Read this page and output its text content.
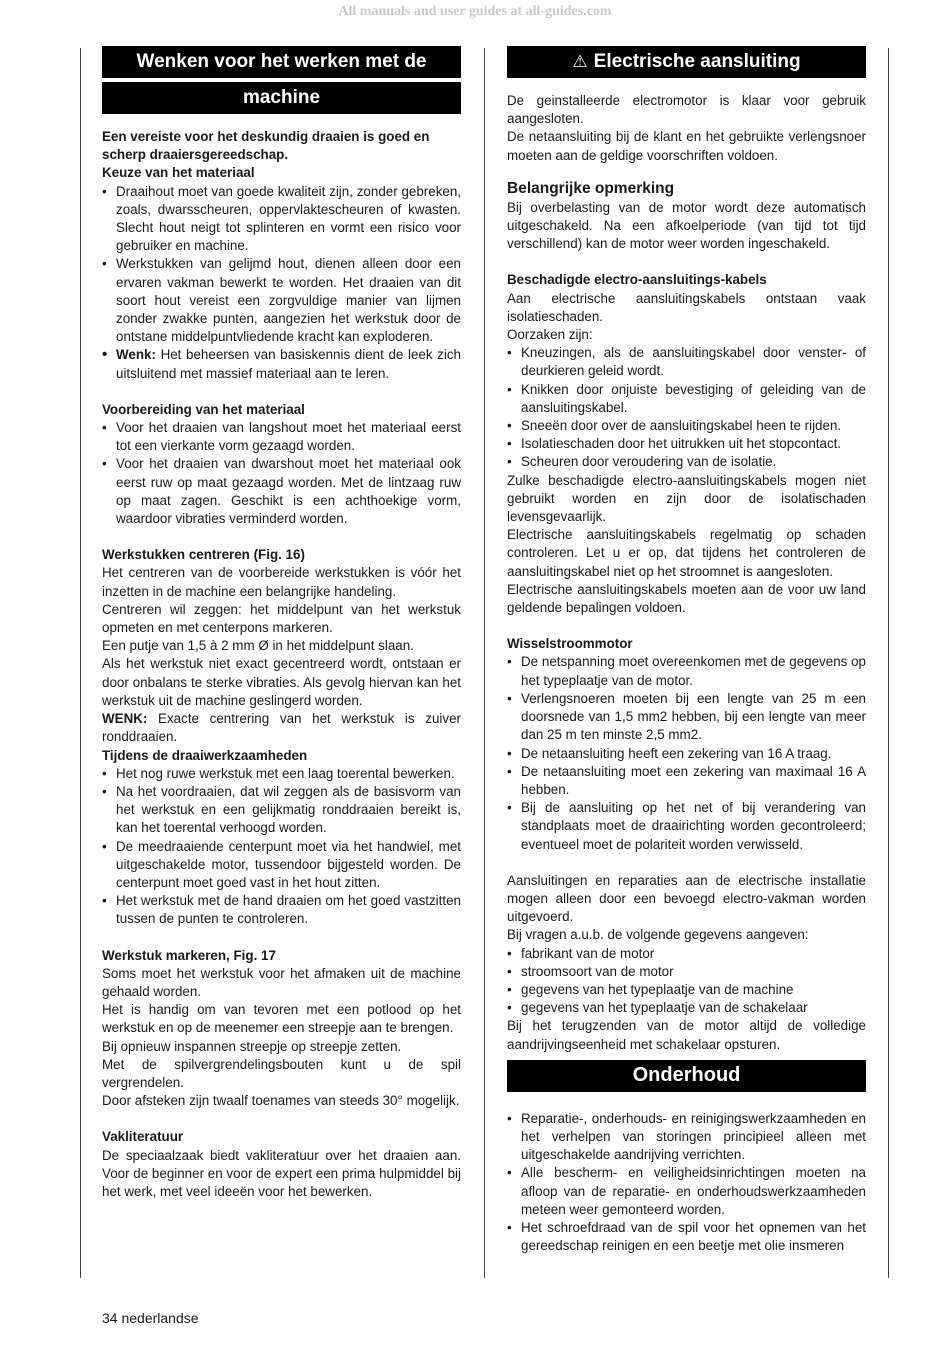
All manuals and user guides at all-guides.com
Wenken voor het werken met de
machine

Een vereiste voor het deskundig draaien is goed en scherp draaiersgereedschap.

Keuze van het materiaal

• Draaihout moet van goede kwaliteit zijn, zonder gebreken, zoals, dwarsscheuren, oppervlaktescheuren of kwasten. Slecht hout neigt tot splinteren en vormt een risico voor gebruiker en machine.
• Werkstukken van gelijmd hout, dienen alleen door een ervaren vakman bewerkt te worden. Het draaien van dit soort hout vereist een zorgvuldige manier van lijmen zonder zwakke punten, aangezien het werkstuk door de ontstane middelpuntvliedende kracht kan exploderen.
• Wenk: Het beheersen van basiskennis dient de leek zich uitsluitend met massief materiaal aan te leren.

Voorbereiding van het materiaal

• Voor het draaien van langshout moet het materiaal eerst tot een vierkante vorm gezaagd worden.
• Voor het draaien van dwarshout moet het materiaal ook eerst ruw op maat gezaagd worden. Met de lintzaag ruw op maat zagen. Geschikt is een achthoekige vorm, waardoor vibraties verminderd worden.

Werkstukken centreren (Fig. 16)

Het centreren van de voorbereide werkstukken is vóór het inzetten in de machine een belangrijke handeling.

Centreren wil zeggen: het middelpunt van het werkstuk opmeten en met centerpons markeren.

Een putje van 1,5 à 2 mm Ø in het middelpunt slaan.

Als het werkstuk niet exact gecentreerd wordt, ontstaan er door onbalans te sterke vibraties. Als gevolg hiervan kan het werkstuk uit de machine geslingerd worden.

WENK: Exacte centrering van het werkstuk is zuiver ronddraaien.

Tijdens de draaiwerkzaamheden

• Het nog ruwe werkstuk met een laag toerental bewerken.
• Na het voordraaien, dat wil zeggen als de basisvorm van het werkstuk en een gelijkmatig ronddraaien bereikt is, kan het toerental verhoogd worden.
• De meedraaiende centerpunt moet via het handwiel, met uitgeschakelde motor, tussendoor bijgesteld worden. De centerpunt moet goed vast in het hout zitten.
• Het werkstuk met de hand draaien om het goed vastzitten tussen de punten te controleren.

Werkstuk markeren, Fig. 17

Soms moet het werkstuk voor het afmaken uit de machine gehaald worden.

Het is handig om van tevoren met een potlood op het werkstuk en op de meenemer een streepje aan te brengen.

Bij opnieuw inspannen streepje op streepje zetten.

Met de spilvergrendelingsbouten kunt u de spil vergrendelen.

Door afsteken zijn twaalf toenames van steeds 30° mogelijk.

Vakliteratuur

De speciaalzaak biedt vakliteratuur over het draaien aan. Voor de beginner en voor de expert een prima hulpmiddel bij het werk, met veel ideeën voor het bewerken.

⚠ Electrische aansluiting

De geinstalleerde electromotor is klaar voor gebruik aangesloten.

De netaansluiting bij de klant en het gebruikte verlengsnoer moeten aan de geldige voorschriften voldoen.

Belangrijke opmerking

Bij overbelasting van de motor wordt deze automatisch uitgeschakeld. Na een afkoelperiode (van tijd tot tijd verschillend) kan de motor weer worden ingeschakeld.

Beschadigde electro-aansluitings-kabels

Aan electrische aansluitingskabels ontstaan vaak isolatieschaden.

Oorzaken zijn:

• Kneuzingen, als de aansluitingskabel door venster- of deurkieren geleid wordt.
• Knikken door onjuiste bevestiging of geleiding van de aansluitingskabel.
• Sneeën door over de aansluitingskabel heen te rijden.
• Isolatieschaden door het uitrukken uit het stopcontact.
• Scheuren door veroudering van de isolatie.

Zulke beschadigde electro-aansluitingskabels mogen niet gebruikt worden en zijn door de isolatischaden levensgevaarlijk.

Electrische aansluitingskabels regelmatig op schaden controleren. Let u er op, dat tijdens het controleren de aansluitingskabel niet op het stroomnet is aangesloten.

Electrische aansluitingskabels moeten aan de voor uw land geldende bepalingen voldoen.

Wisselstroommotor

• De netspanning moet overeenkomen met de gegevens op het typeplaatje van de motor.
• Verlengsnoeren moeten bij een lengte van 25 m een doorsnede van 1,5 mm2 hebben, bij een lengte van meer dan 25 m ten minste 2,5 mm2.
• De netaansluiting heeft een zekering van 16 A traag.
• De netaansluiting moet een zekering van maximaal 16 A hebben.
• Bij de aansluiting op het net of bij verandering van standplaats moet de draairichting worden gecontroleerd; eventueel moet de polariteit worden verwisseld.

Aansluitingen en reparaties aan de electrische installatie mogen alleen door een bevoegd electro-vakman worden uitgevoerd.

Bij vragen a.u.b. de volgende gegevens aangeven:

• fabrikant van de motor
• stroomsoort van de motor
• gegevens van het typeplaatje van de machine
• gegevens van het typeplaatje van de schakelaar

Bij het terugzenden van de motor altijd de volledige aandrijvingseenheid met schakelaar opsturen.

Onderhoud
• Reparatie-, onderhouds- en reinigingswerkzaamheden en het verhelpen van storingen principieel alleen met uitgeschakelde aandrijving verrichten.
• Alle bescherm- en veiligheidsinrichtingen moeten na afloop van de reparatie- en onderhoudswerkzaamheden meteen weer gemonteerd worden.
• Het schroefdraad van de spil voor het opnemen van het gereedschap reinigen en een beetje met olie insmeren
34 nederlandse
